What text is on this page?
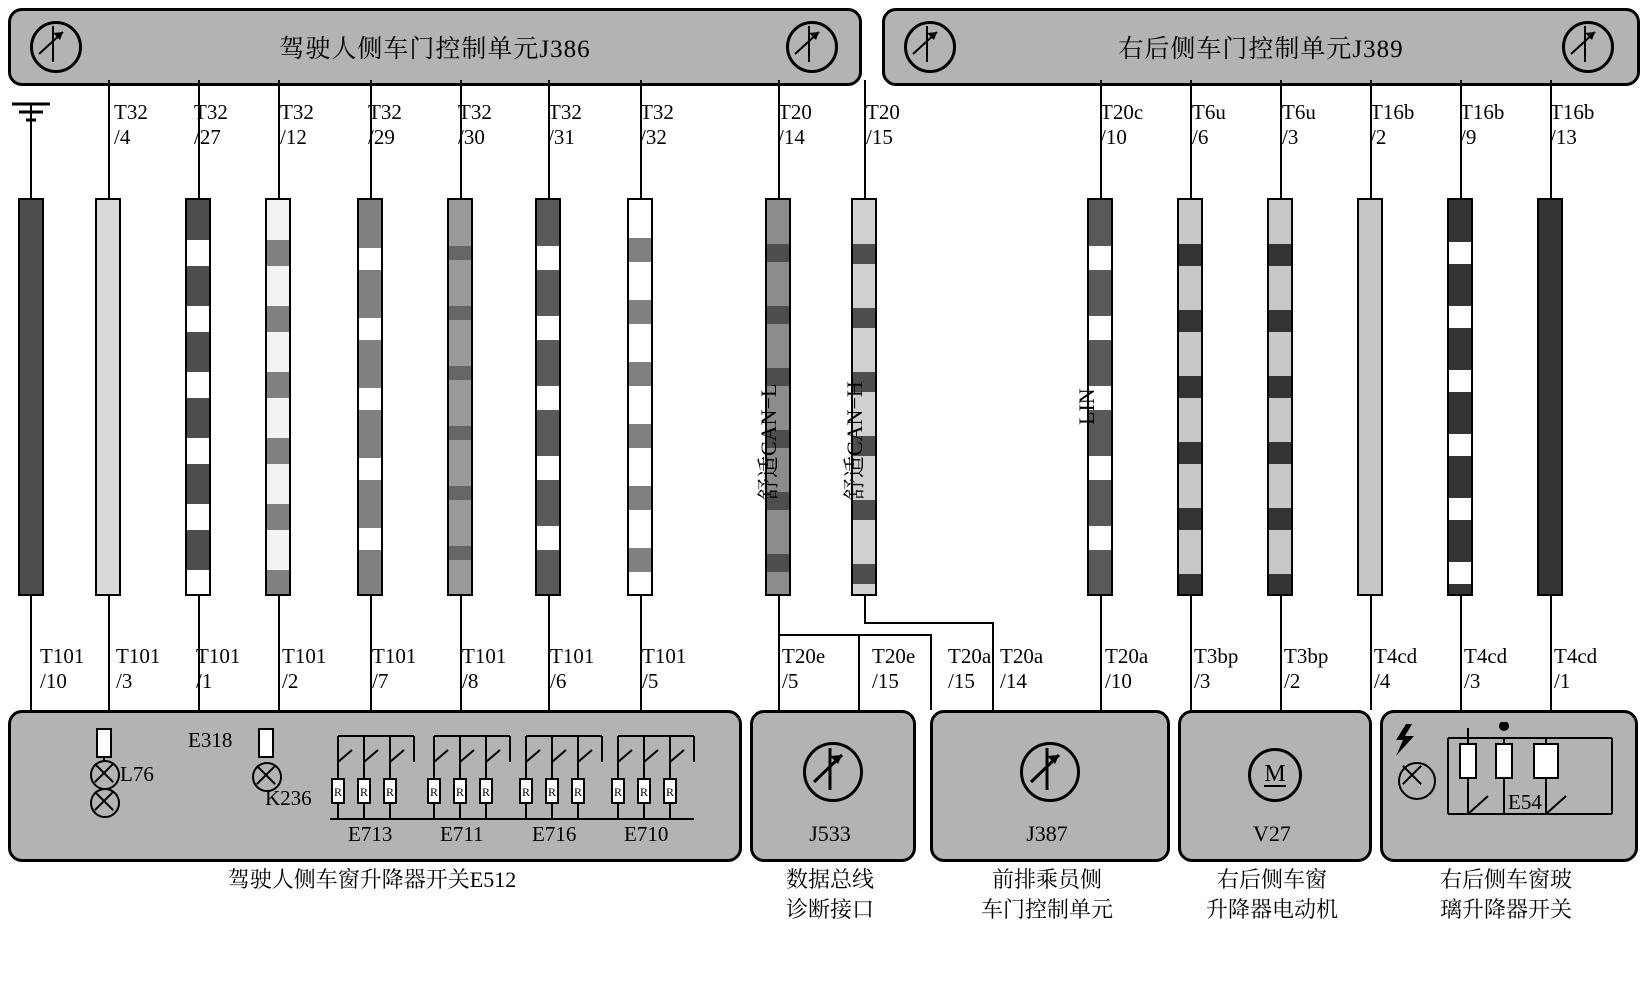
驾驶人侧车门控制单元J386	右后侧车门控制单元J389
T32
/4
T32
/27
T32
/12
T32
/29
T32
/30
T32
/31
T32
/32
T20
/14
T20
/15
T20c
/10
T6u
/6
T6u
/3
T16b
/2
T16b
/9
T16b
/13
舒适CAN−L	舒适CAN−H	LIN
T101
/10
T101
/3
T101
/1
T101
/2
T101
/7
T101
/8
T101
/6
T101
/5
T20e
/5
T20e
/15
T20a
/15
T20a
/14
T20a
/10
T3bp
/3
T3bp
/2
T4cd
/4
T4cd
/3
T4cd
/1
L76
E318
K236 R R R	R R R	R R R	R R R
E713 E711 E716 E710
驾驶人侧车窗升降器开关E512
J533
数据总线
诊断接口
J387
前排乘员侧
车门控制单元
M
V27
右后侧车窗
升降器电动机
E54
右后侧车窗玻
璃升降器开关
